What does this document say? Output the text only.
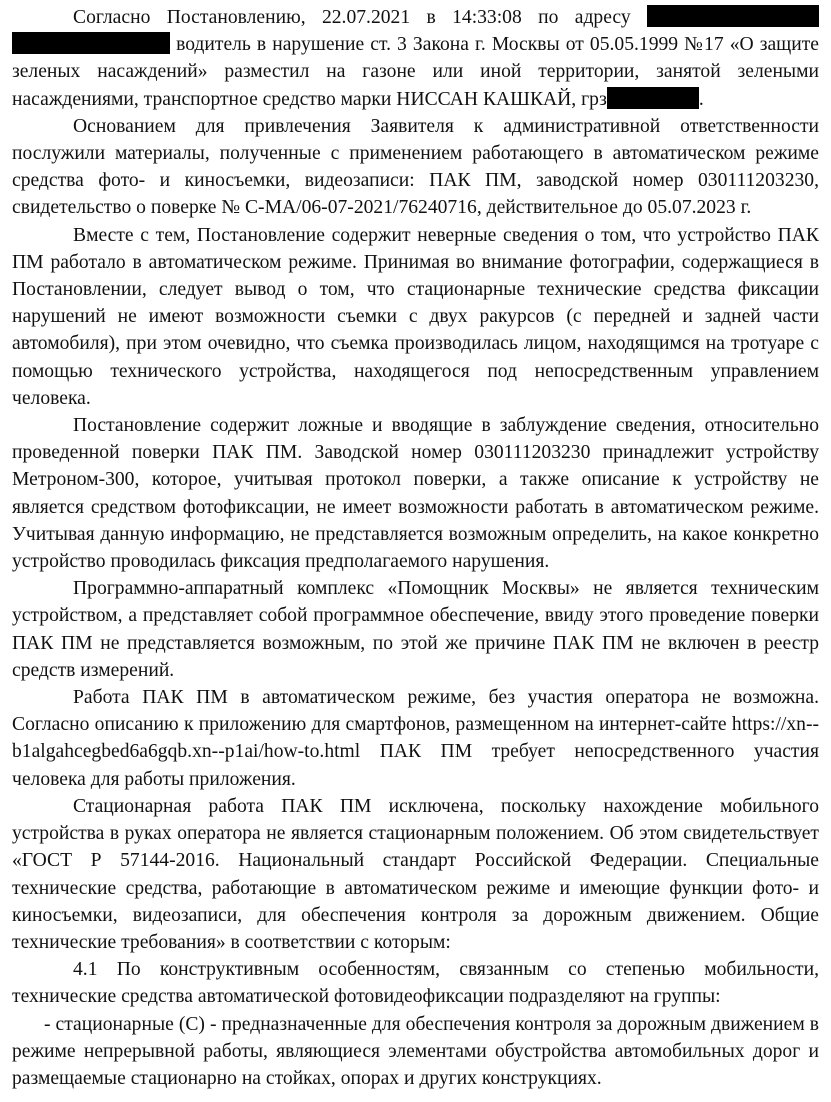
Согласно Постановлению, 22.07.2021 в 14:33:08 по адресу   водитель в нарушение ст. 3 Закона г. Москвы от 05.05.1999 №17 «О защите зеленых насаждений» разместил на газоне или иной территории, занятой зелеными насаждениями, транспортное средство марки НИССАН КАШКАЙ, грз	.

Основанием для привлечения Заявителя к административной ответственности послужили материалы, полученные с применением работающего в автоматическом режиме средства фото- и киносъемки, видеозаписи: ПАК ПМ, заводской номер 030111203230, свидетельство о поверке № С-МА/06-07-2021/76240716, действительное до 05.07.2023 г.

Вместе с тем, Постановление содержит неверные сведения о том, что устройство ПАК ПМ работало в автоматическом режиме. Принимая во внимание фотографии, содержащиеся в Постановлении, следует вывод о том, что стационарные технические средства фиксации нарушений не имеют возможности съемки с двух ракурсов (с передней и задней части автомобиля), при этом очевидно, что съемка производилась лицом, находящимся на тротуаре с помощью технического устройства, находящегося под непосредственным управлением человека.

Постановление содержит ложные и вводящие в заблуждение сведения, относительно проведенной поверки ПАК ПМ. Заводской номер 030111203230 принадлежит устройству Метроном-300, которое, учитывая протокол поверки, а также описание к устройству не является средством фотофиксации, не имеет возможности работать в автоматическом режиме. Учитывая данную информацию, не представляется возможным определить, на какое конкретно устройство проводилась фиксация предполагаемого нарушения.

Программно-аппаратный комплекс «Помощник Москвы» не является техническим устройством, а представляет собой программное обеспечение, ввиду этого проведение поверки ПАК ПМ не представляется возможным, по этой же причине ПАК ПМ не включен в реестр средств измерений.

Работа ПАК ПМ в автоматическом режиме, без участия оператора не возможна. Согласно описанию к приложению для смартфонов, размещенном на интернет-сайте https://xn--b1algahcegbed6a6gqb.xn--p1ai/how-to.html ПАК ПМ требует непосредственного участия человека для работы приложения.

Стационарная работа ПАК ПМ исключена, поскольку нахождение мобильного устройства в руках оператора не является стационарным положением. Об этом свидетельствует «ГОСТ Р 57144-2016. Национальный стандарт Российской Федерации. Специальные технические средства, работающие в автоматическом режиме и имеющие функции фото- и киносъемки, видеозаписи, для обеспечения контроля за дорожным движением. Общие технические требования» в соответствии с которым:

4.1 По конструктивным особенностям, связанным со степенью мобильности, технические средства автоматической фотовидеофиксации подразделяют на группы:

- стационарные (С) - предназначенные для обеспечения контроля за дорожным движением в режиме непрерывной работы, являющиеся элементами обустройства автомобильных дорог и размещаемые стационарно на стойках, опорах и других конструкциях.
